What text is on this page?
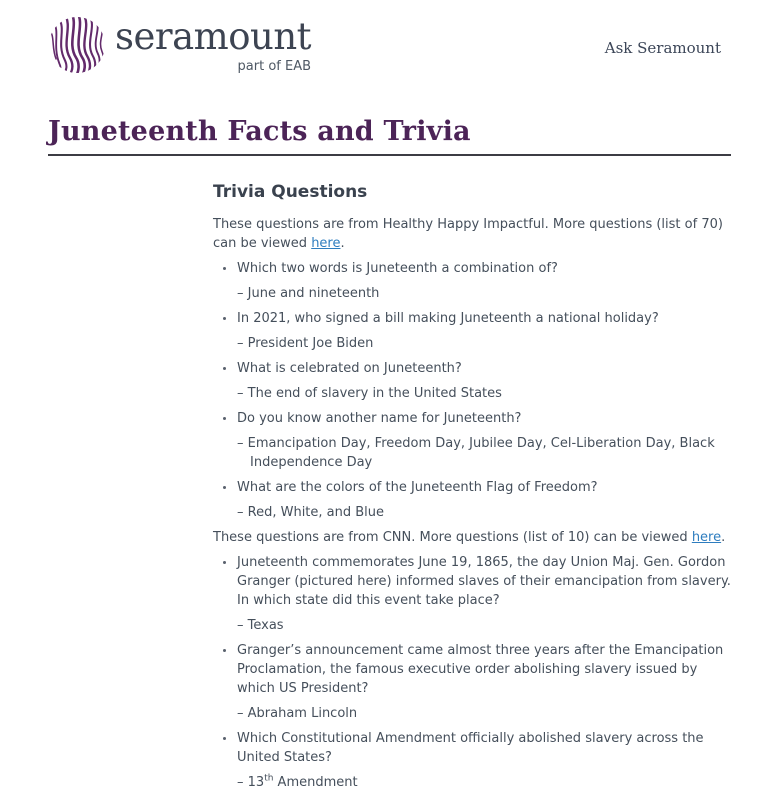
seramount
part of EAB
Ask Seramount
Juneteenth Facts and Trivia
Trivia Questions

These questions are from Healthy Happy Impactful. More questions (list of 70) can be viewed here.

Which two words is Juneteenth a combination of?
– June and nineteenth
In 2021, who signed a bill making Juneteenth a national holiday?
– President Joe Biden
What is celebrated on Juneteenth?
– The end of slavery in the United States
Do you know another name for Juneteenth?
– Emancipation Day, Freedom Day, Jubilee Day, Cel-Liberation Day, Black Independence Day
What are the colors of the Juneteenth Flag of Freedom?
– Red, White, and Blue

These questions are from CNN. More questions (list of 10) can be viewed here.

Juneteenth commemorates June 19, 1865, the day Union Maj. Gen. Gordon Granger (pictured here) informed slaves of their emancipation from slavery. In which state did this event take place?
– Texas
Granger’s announcement came almost three years after the Emancipation Proclamation, the famous executive order abolishing slavery issued by which US President?
– Abraham Lincoln
Which Constitutional Amendment officially abolished slavery across the United States?
– 13th Amendment
